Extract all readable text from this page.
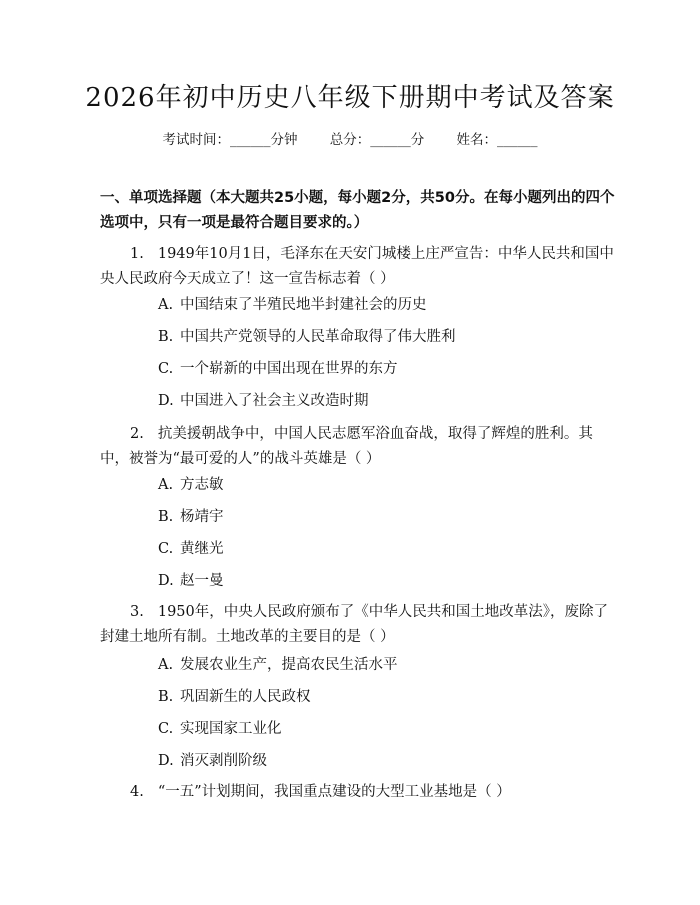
2026年初中历史八年级下册期中考试及答案
考试时间：______分钟 总分：______分 姓名：______
一、单项选择题（本大题共25小题，每小题2分，共50分。在每小题列出的四个选项中，只有一项是最符合题目要求的。）
1. 1949年10月1日，毛泽东在天安门城楼上庄严宣告：中华人民共和国中央人民政府今天成立了！这一宣告标志着（ ）
A. 中国结束了半殖民地半封建社会的历史
B. 中国共产党领导的人民革命取得了伟大胜利
C. 一个崭新的中国出现在世界的东方
D. 中国进入了社会主义改造时期
2. 抗美援朝战争中，中国人民志愿军浴血奋战，取得了辉煌的胜利。其中，被誉为“最可爱的人”的战斗英雄是（ ）
A. 方志敏
B. 杨靖宇
C. 黄继光
D. 赵一曼
3. 1950年，中央人民政府颁布了《中华人民共和国土地改革法》，废除了封建土地所有制。土地改革的主要目的是（ ）
A. 发展农业生产，提高农民生活水平
B. 巩固新生的人民政权
C. 实现国家工业化
D. 消灭剥削阶级
4. “一五”计划期间，我国重点建设的大型工业基地是（ ）
